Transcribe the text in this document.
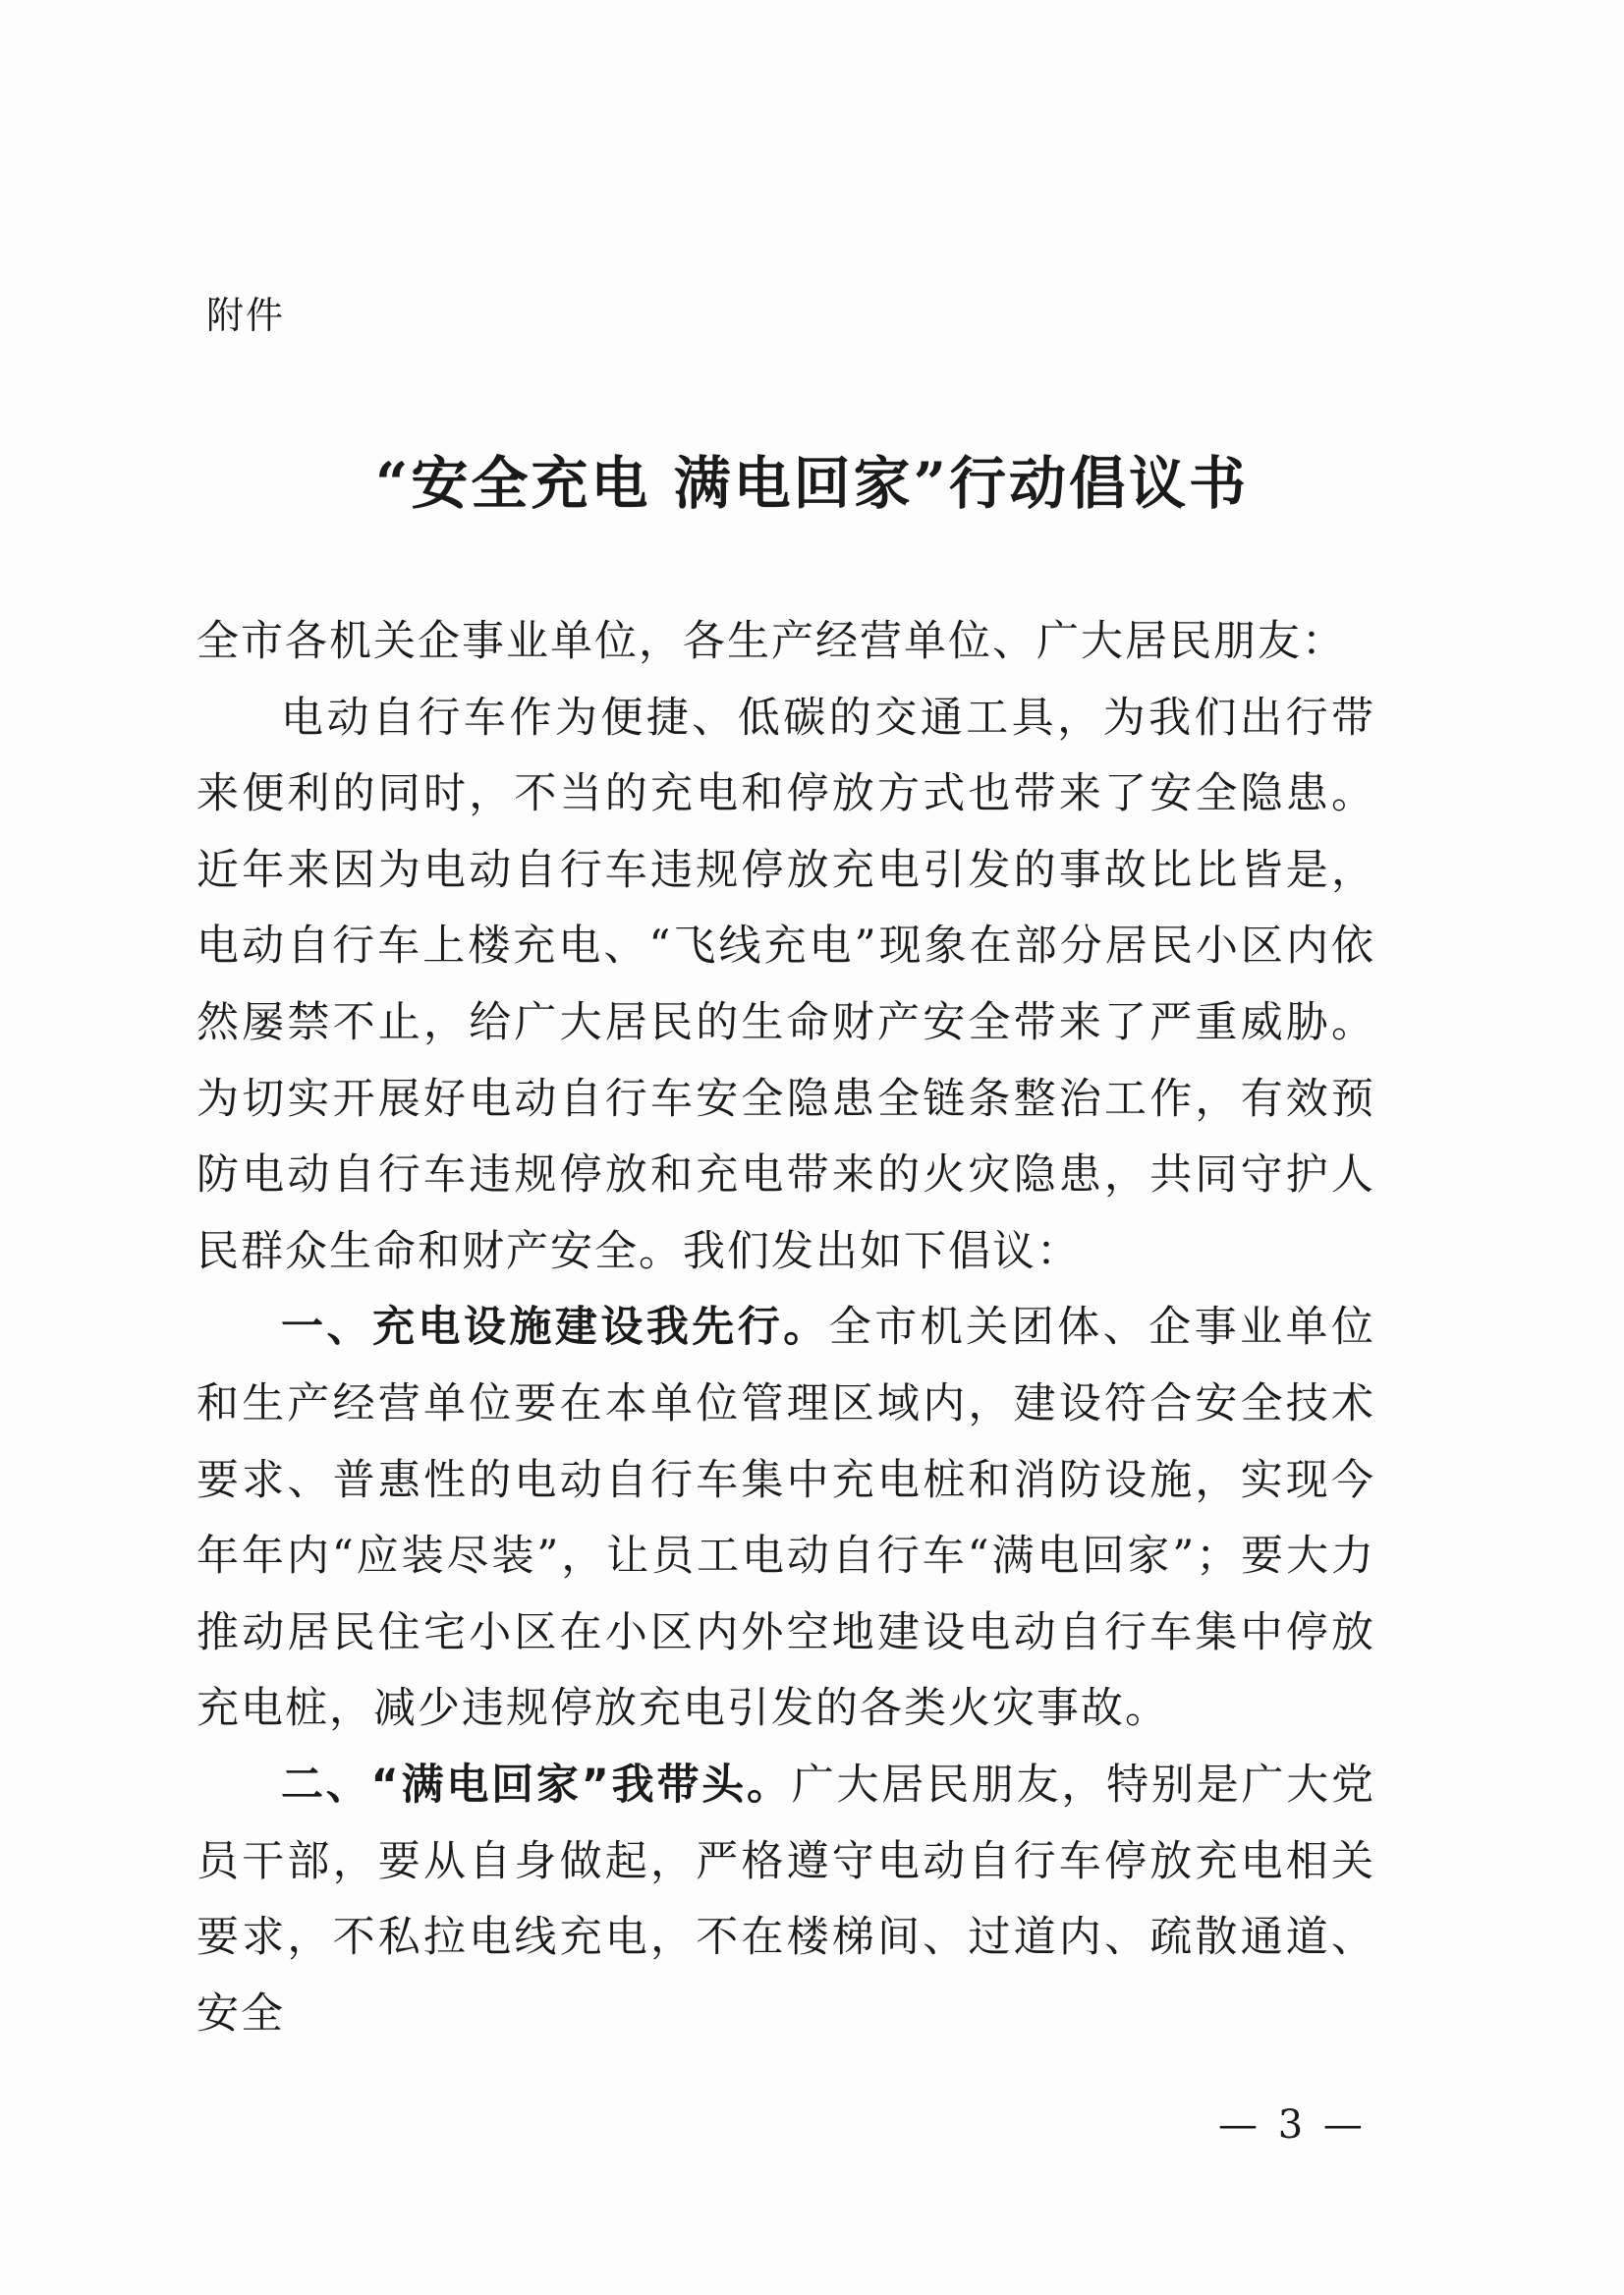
附件
“安全充电 满电回家”行动倡议书

全市各机关企事业单位，各生产经营单位、广大居民朋友：

电动自行车作为便捷、低碳的交通工具，为我们出行带来便利的同时，不当的充电和停放方式也带来了安全隐患。近年来因为电动自行车违规停放充电引发的事故比比皆是，电动自行车上楼充电、“飞线充电”现象在部分居民小区内依然屡禁不止，给广大居民的生命财产安全带来了严重威胁。为切实开展好电动自行车安全隐患全链条整治工作，有效预防电动自行车违规停放和充电带来的火灾隐患，共同守护人民群众生命和财产安全。我们发出如下倡议：

一、充电设施建设我先行。全市机关团体、企事业单位和生产经营单位要在本单位管理区域内，建设符合安全技术要求、普惠性的电动自行车集中充电桩和消防设施，实现今年年内“应装尽装”，让员工电动自行车“满电回家”；要大力推动居民住宅小区在小区内外空地建设电动自行车集中停放充电桩，减少违规停放充电引发的各类火灾事故。

二、“满电回家”我带头。广大居民朋友，特别是广大党员干部，要从自身做起，严格遵守电动自行车停放充电相关要求，不私拉电线充电，不在楼梯间、过道内、疏散通道、安全

— 3 —
